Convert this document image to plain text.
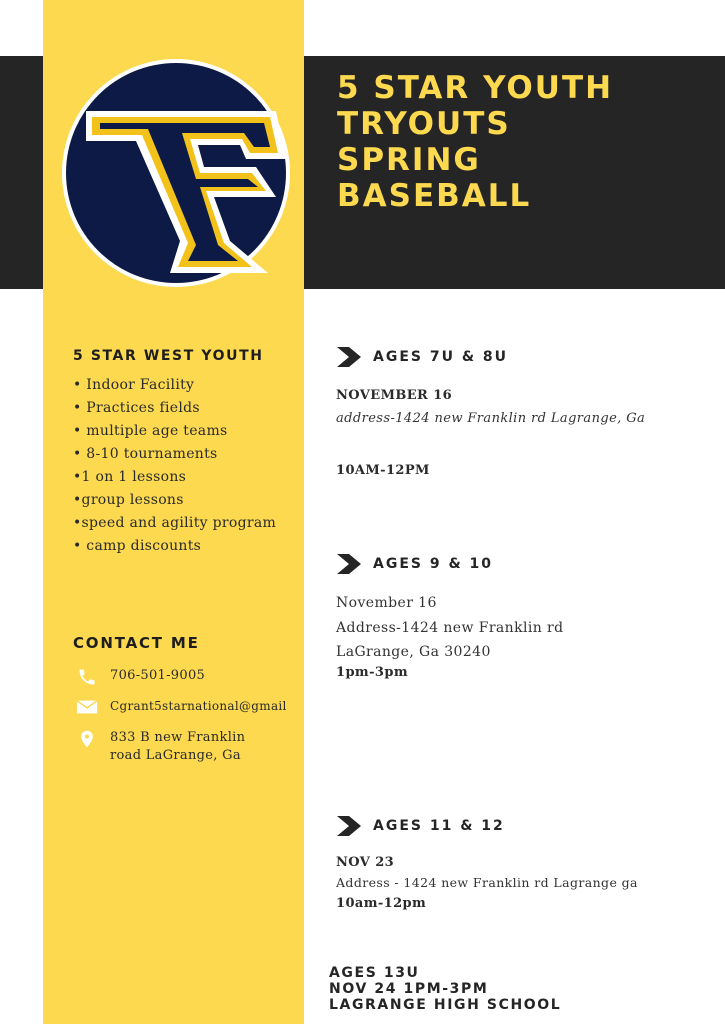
5 STAR YOUTH
TRYOUTS
SPRING
BASEBALL
5 STAR WEST YOUTH
• Indoor Facility
• Practices fields
• multiple age teams
• 8-10 tournaments
•1 on 1 lessons
•group lessons
•speed and agility program
• camp discounts
CONTACT ME
706-501-9005
Cgrant5starnational@gmail
833 B new Franklin road LaGrange, Ga
AGES 7U & 8U
NOVEMBER 16
address-1424 new Franklin rd Lagrange, Ga
10AM-12PM
AGES 9 & 10
November 16
Address-1424 new Franklin rd LaGrange, Ga 30240
1pm-3pm
AGES 11 & 12
NOV 23
Address - 1424 new Franklin rd Lagrange ga
10am-12pm
AGES 13U
NOV 24 1PM-3PM
LAGRANGE HIGH SCHOOL
